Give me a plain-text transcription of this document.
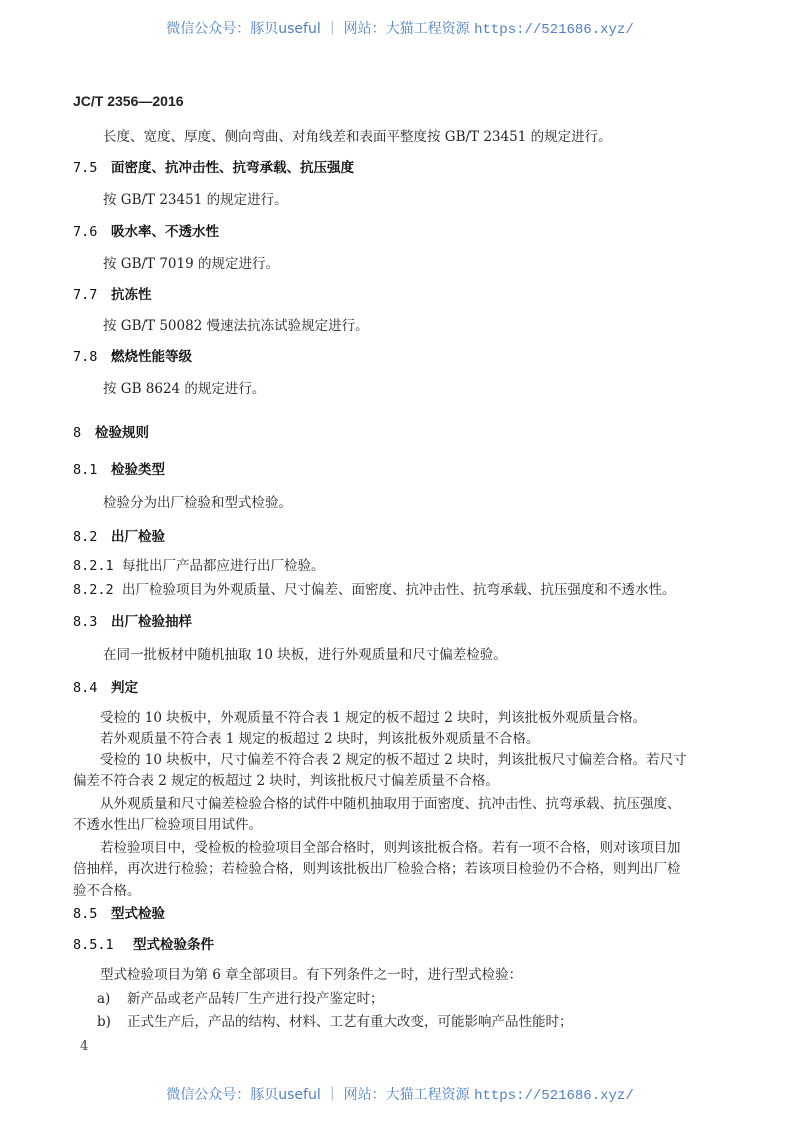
微信公众号：豚贝useful ｜ 网站：大猫工程资源 https://521686.xyz/
JC/T 2356—2016
长度、宽度、厚度、侧向弯曲、对角线差和表面平整度按 GB/T 23451 的规定进行。
7.5 面密度、抗冲击性、抗弯承载、抗压强度
按 GB/T 23451 的规定进行。
7.6 吸水率、不透水性
按 GB/T 7019 的规定进行。
7.7 抗冻性
按 GB/T 50082 慢速法抗冻试验规定进行。
7.8 燃烧性能等级
按 GB 8624 的规定进行。
8 检验规则
8.1 检验类型
检验分为出厂检验和型式检验。
8.2 出厂检验
8.2.1 每批出厂产品都应进行出厂检验。
8.2.2 出厂检验项目为外观质量、尺寸偏差、面密度、抗冲击性、抗弯承载、抗压强度和不透水性。
8.3 出厂检验抽样
在同一批板材中随机抽取 10 块板，进行外观质量和尺寸偏差检验。
8.4 判定
受检的 10 块板中，外观质量不符合表 1 规定的板不超过 2 块时，判该批板外观质量合格。
若外观质量不符合表 1 规定的板超过 2 块时，判该批板外观质量不合格。
受检的 10 块板中，尺寸偏差不符合表 2 规定的板不超过 2 块时，判该批板尺寸偏差合格。若尺寸
偏差不符合表 2 规定的板超过 2 块时，判该批板尺寸偏差质量不合格。
从外观质量和尺寸偏差检验合格的试件中随机抽取用于面密度、抗冲击性、抗弯承载、抗压强度、
不透水性出厂检验项目用试件。
若检验项目中，受检板的检验项目全部合格时，则判该批板合格。若有一项不合格，则对该项目加
倍抽样，再次进行检验；若检验合格，则判该批板出厂检验合格；若该项目检验仍不合格，则判出厂检
验不合格。
8.5 型式检验
8.5.1 型式检验条件
型式检验项目为第 6 章全部项目。有下列条件之一时，进行型式检验：
a) 新产品或老产品转厂生产进行投产鉴定时；
b) 正式生产后，产品的结构、材料、工艺有重大改变，可能影响产品性能时；
4
微信公众号：豚贝useful ｜ 网站：大猫工程资源 https://521686.xyz/
